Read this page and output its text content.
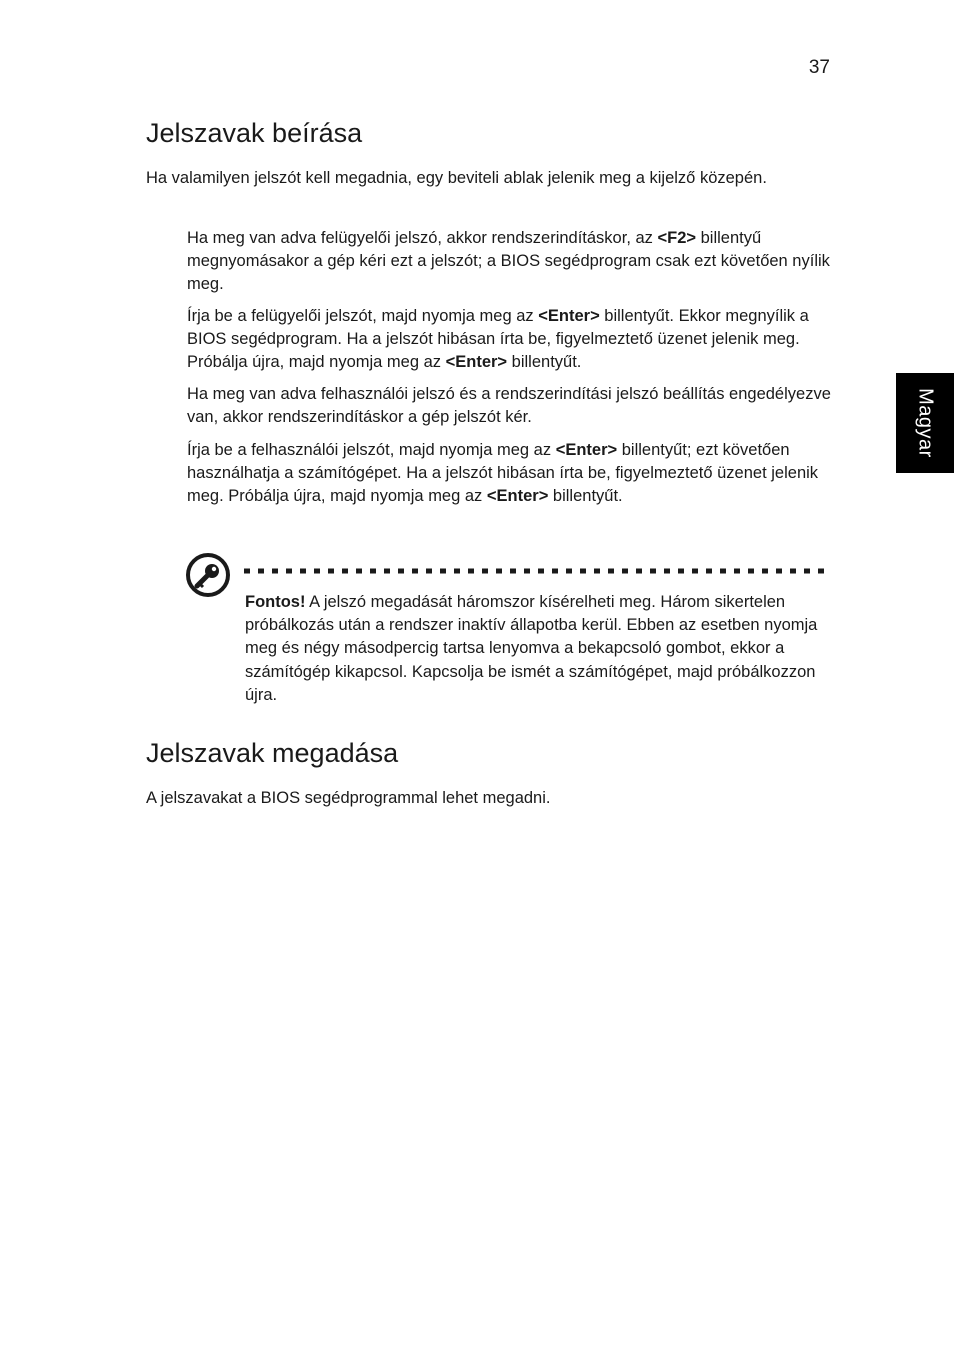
37
Magyar
Jelszavak beírása

Ha valamilyen jelszót kell megadnia, egy beviteli ablak jelenik meg a kijelző közepén.

Ha meg van adva felügyelői jelszó, akkor rendszerindításkor, az <F2> billentyű megnyomásakor a gép kéri ezt a jelszót; a BIOS segédprogram csak ezt követően nyílik meg.

Írja be a felügyelői jelszót, majd nyomja meg az <Enter> billentyűt. Ekkor megnyílik a BIOS segédprogram. Ha a jelszót hibásan írta be, figyelmeztető üzenet jelenik meg. Próbálja újra, majd nyomja meg az <Enter> billentyűt.

Ha meg van adva felhasználói jelszó és a rendszerindítási jelszó beállítás engedélyezve van, akkor rendszerindításkor a gép jelszót kér.

Írja be a felhasználói jelszót, majd nyomja meg az <Enter> billentyűt; ezt követően használhatja a számítógépet. Ha a jelszót hibásan írta be, figyelmeztető üzenet jelenik meg. Próbálja újra, majd nyomja meg az <Enter> billentyűt.

Fontos! A jelszó megadását háromszor kísérelheti meg. Három sikertelen próbálkozás után a rendszer inaktív állapotba kerül. Ebben az esetben nyomja meg és négy másodpercig tartsa lenyomva a bekapcsoló gombot, ekkor a számítógép kikapcsol. Kapcsolja be ismét a számítógépet, majd próbálkozzon újra.

Jelszavak megadása

A jelszavakat a BIOS segédprogrammal lehet megadni.
